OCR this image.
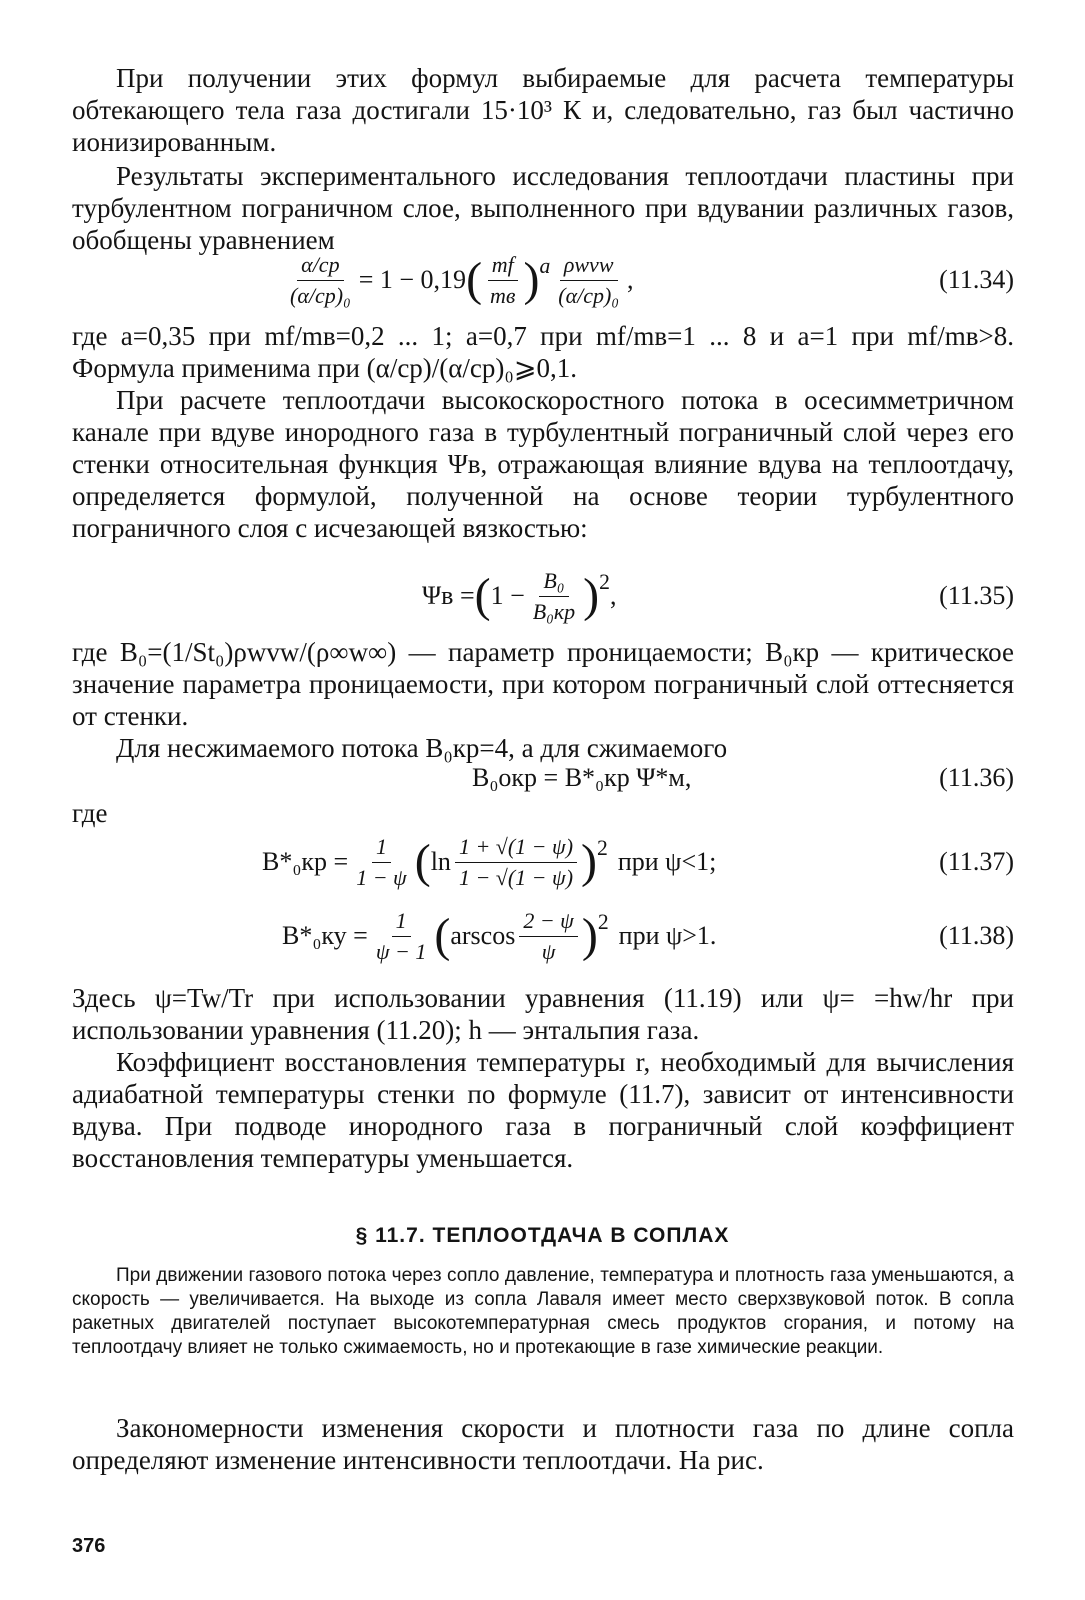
При получении этих формул выбираемые для расчета температуры обтекающего тела газа достигали 15·10³ К и, следовательно, газ был частично ионизированным.

Результаты экспериментального исследования теплоотдачи пластины при турбулентном пограничном слое, выполненного при вдувании различных газов, обобщены уравнением

$\frac{\alpha/cp}{\text{(α/cp)₀}} = 1 - 0,19$ ( $\frac{mf}{mв} )^a \frac{\text{ρwvw}}{\text{(α/cp)₀}}$ ,	(11.34)

где a=0,35 при mf/mв=0,2 ... 1; a=0,7 при mf/mв=1 ... 8 и a=1 при mf/mв>8. Формула применима при (α/cp)/(α/cp)₀⩾0,1.

При расчете теплоотдачи высокоскоростного потока в осесимметричном канале при вдуве инородного газа в турбулентный пограничный слой через его стенки относительная функция Ψв, отражающая влияние вдува на теплоотдачу, определяется формулой, полученной на основе теории турбулентного пограничного слоя с исчезающей вязкостью:

Ψв = ( $1 - \frac{\text{B₀}}{\text{B₀кр}} )^2$ ,	(11.35)

где B₀=(1/St₀)ρwvw/(ρ∞w∞) — параметр проницаемости; B₀кр — критическое значение параметра проницаемости, при котором пограничный слой оттесняется от стенки.

Для несжимаемого потока B₀кр=4, а для сжимаемого

B₀окр = B*₀кр Ψ*м,	(11.36)
где
$B*_0кр = \frac{1}{1 - \psi}$ ( $\ln \frac{1 + √(1 - \psi)}{1 - √(1 - \psi)} )^2$ при ψ<1;	(11.37)
$B*_0ку = \frac{1}{\psi - 1}$ ( arscos $\frac{2 - \psi}{\psi} )^2$ при ψ>1.	(11.38)

Здесь ψ=Tw/Tr при использовании уравнения (11.19) или ψ= =hw/hr при использовании уравнения (11.20); h — энтальпия газа.

Коэффициент восстановления температуры r, необходимый для вычисления адиабатной температуры стенки по формуле (11.7), зависит от интенсивности вдува. При подводе инородного газа в пограничный слой коэффициент восстановления температуры уменьшается.

§ 11.7. ТЕПЛООТДАЧА В СОПЛАХ

При движении газового потока через сопло давление, температура и плотность газа уменьшаются, а скорость — увеличивается. На выходе из сопла Лаваля имеет место сверхзвуковой поток. В сопла ракетных двигателей поступает высокотемпературная смесь продуктов сгорания, и потому на теплоотдачу влияет не только сжимаемость, но и протекающие в газе химические реакции.

Закономерности изменения скорости и плотности газа по длине сопла определяют изменение интенсивности теплоотдачи. На рис.

376
